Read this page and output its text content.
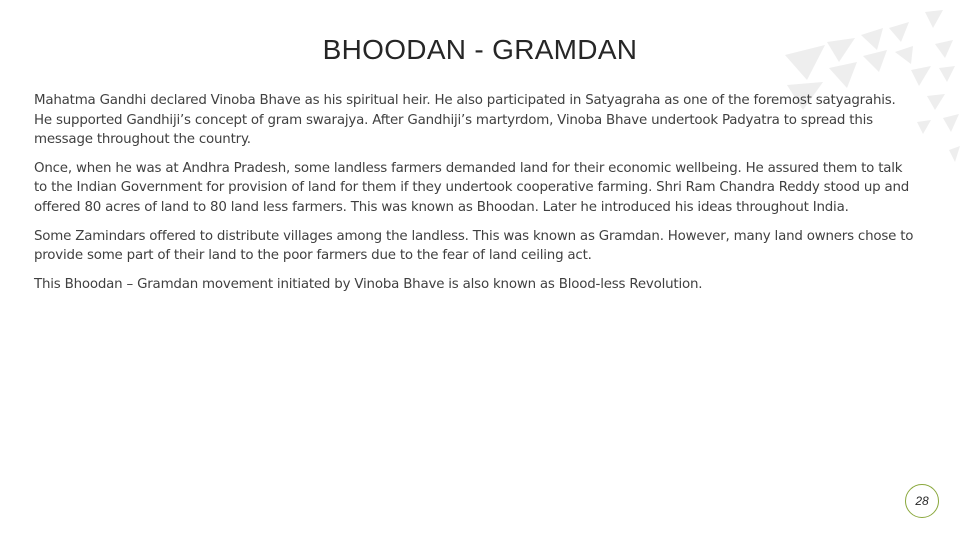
BHOODAN - GRAMDAN

Mahatma Gandhi declared Vinoba Bhave as his spiritual heir. He also participated in Satyagraha as one of the foremost satyagrahis. He supported Gandhiji’s concept of gram swarajya. After Gandhiji’s martyrdom, Vinoba Bhave undertook Padyatra to spread this message throughout the country.

Once, when he was at Andhra Pradesh, some landless farmers demanded land for their economic wellbeing. He assured them to talk to the Indian Government for provision of land for them if they undertook cooperative farming. Shri Ram Chandra Reddy stood up and offered 80 acres of land to 80 land less farmers. This was known as Bhoodan. Later he introduced his ideas throughout India.

Some Zamindars offered to distribute villages among the landless. This was known as Gramdan. However, many land owners chose to provide some part of their land to the poor farmers due to the fear of land ceiling act.

This Bhoodan – Gramdan movement initiated by Vinoba Bhave is also known as Blood-less Revolution.

28
